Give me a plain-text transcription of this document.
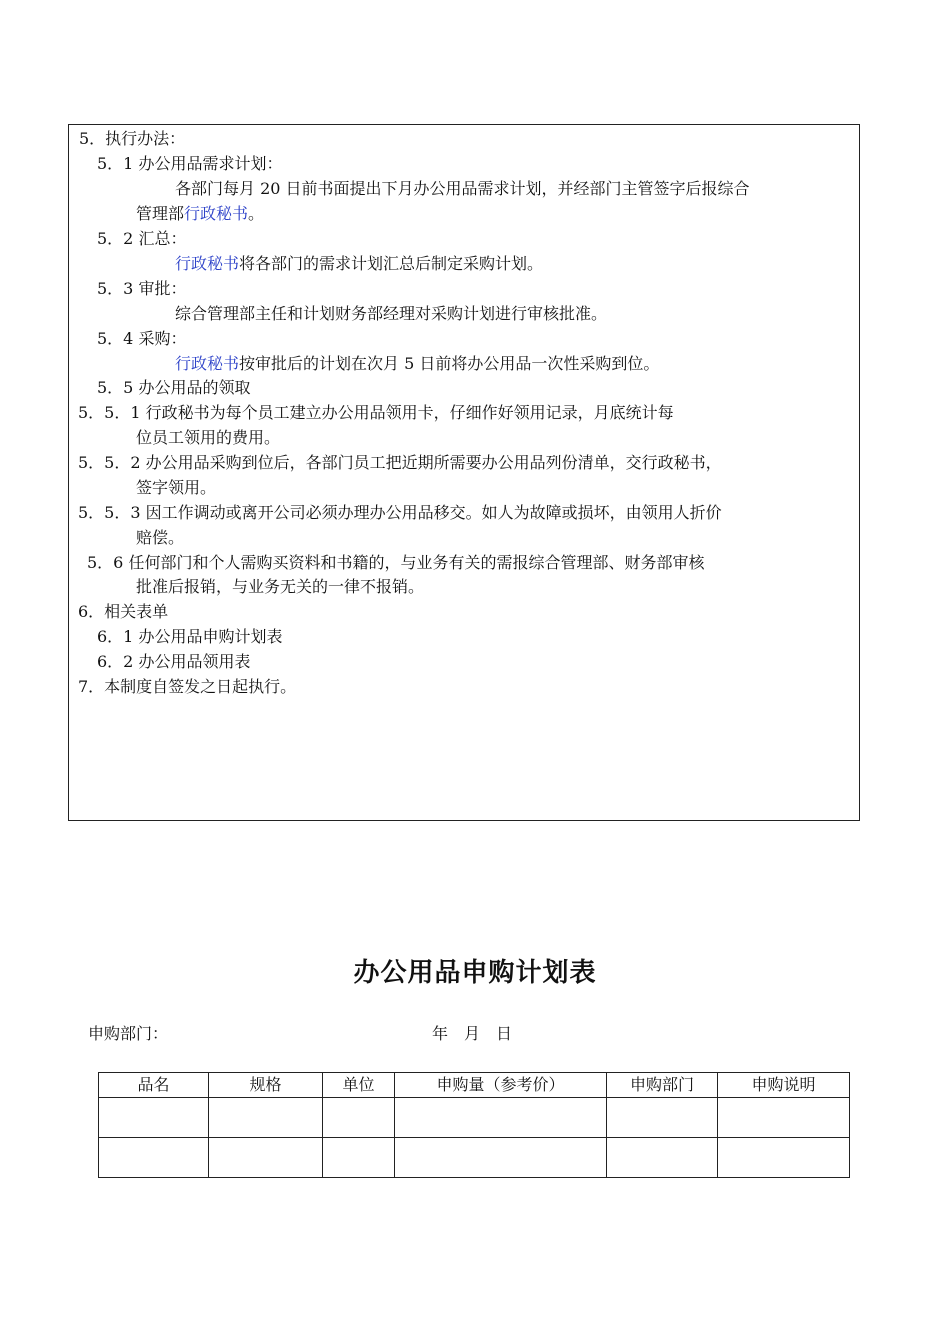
5．执行办法：
5．1 办公用品需求计划：
各部门每月 20 日前书面提出下月办公用品需求计划，并经部门主管签字后报综合
管理部行政秘书。
5．2 汇总：
行政秘书将各部门的需求计划汇总后制定采购计划。
5．3 审批：
综合管理部主任和计划财务部经理对采购计划进行审核批准。
5．4 采购：
行政秘书按审批后的计划在次月 5 日前将办公用品一次性采购到位。
5．5 办公用品的领取
5．5．1 行政秘书为每个员工建立办公用品领用卡，仔细作好领用记录，月底统计每
位员工领用的费用。
5．5．2 办公用品采购到位后，各部门员工把近期所需要办公用品列份清单，交行政秘书，
签字领用。
5．5．3 因工作调动或离开公司必须办理办公用品移交。如人为故障或损坏，由领用人折价
赔偿。
5．6 任何部门和个人需购买资料和书籍的，与业务有关的需报综合管理部、财务部审核
批准后报销，与业务无关的一律不报销。
6．相关表单
6．1 办公用品申购计划表
6．2 办公用品领用表
7．本制度自签发之日起执行。
办公用品申购计划表
申购部门：	年　月　日
品名	规格	单位	申购量（参考价）	申购部门	申购说明
